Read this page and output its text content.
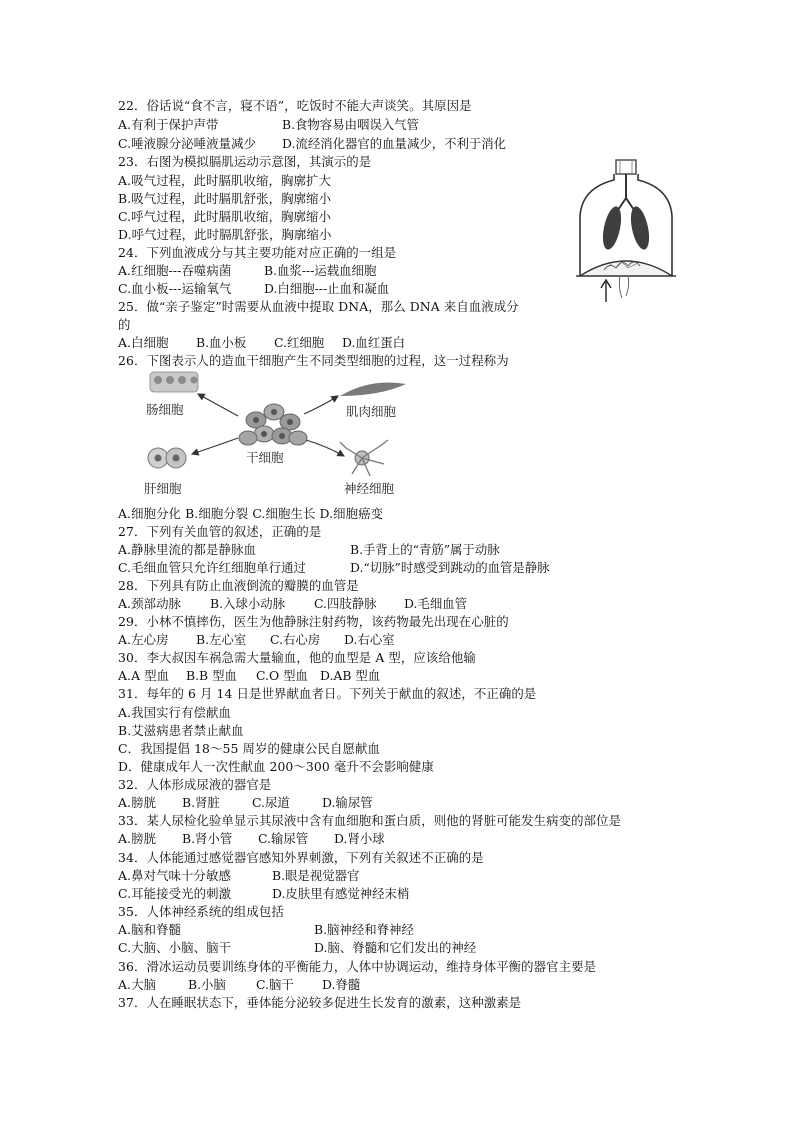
22．俗话说“食不言，寝不语”，吃饭时不能大声谈笑。其原因是
A.有利于保护声带	B.食物容易由咽误入气管
C.唾液腺分泌唾液量减少 D.流经消化器官的血量减少，不利于消化
23．右图为模拟膈肌运动示意图，其演示的是
A.吸气过程，此时膈肌收缩，胸廓扩大
B.吸气过程，此时膈肌舒张，胸廓缩小
C.呼气过程，此时膈肌收缩，胸廓缩小
D.呼气过程，此时膈肌舒张，胸廓缩小
24．下列血液成分与其主要功能对应正确的一组是
A.红细胞---吞噬病菌	B.血浆---运载血细胞
C.血小板---运输氧气	D.白细胞---止血和凝血
25．做“亲子鉴定”时需要从血液中提取 DNA，那么 DNA 来自血液成分
的
A.白细胞 B.血小板 C.红细胞 D.血红蛋白
26．下图表示人的造血干细胞产生不同类型细胞的过程，这一过程称为
肠细胞	肌肉细胞
干细胞
肝细胞	神经细胞
A.细胞分化 B.细胞分裂 C.细胞生长 D.细胞癌变
27．下列有关血管的叙述，正确的是
A.静脉里流的都是静脉血	B.手背上的“青筋”属于动脉
C.毛细血管只允许红细胞单行通过	D.“切脉”时感受到跳动的血管是静脉
28．下列具有防止血液倒流的瓣膜的血管是
A.颈部动脉 B.入球小动脉 C.四肢静脉 D.毛细血管
29．小林不慎摔伤，医生为他静脉注射药物，该药物最先出现在心脏的
A.左心房 B.左心室 C.右心房 D.右心室
30．李大叔因车祸急需大量输血，他的血型是 A 型，应该给他输
A.A 型血 B.B 型血 C.O 型血 D.AB 型血
31．每年的 6 月 14 日是世界献血者日。下列关于献血的叙述，不正确的是
A.我国实行有偿献血
B.艾滋病患者禁止献血
C．我国提倡 18～55 周岁的健康公民自愿献血
D．健康成年人一次性献血 200～300 毫升不会影响健康
32．人体形成尿液的器官是
A.膀胱 B.肾脏	C.尿道	D.输尿管
33．某人尿检化验单显示其尿液中含有血细胞和蛋白质，则他的肾脏可能发生病变的部位是
A.膀胱 B.肾小管 C.输尿管 D.肾小球
34．人体能通过感觉器官感知外界刺激，下列有关叙述不正确的是
A.鼻对气味十分敏感	B.眼是视觉器官
C.耳能接受光的刺激	D.皮肤里有感觉神经末梢
35．人体神经系统的组成包括
A.脑和脊髓	B.脑神经和脊神经
C.大脑、小脑、脑干	D.脑、脊髓和它们发出的神经
36．滑冰运动员要训练身体的平衡能力，人体中协调运动，维持身体平衡的器官主要是
A.大脑	B.小脑 C.脑干 D.脊髓
37．人在睡眠状态下，垂体能分泌较多促进生长发育的激素，这种激素是
